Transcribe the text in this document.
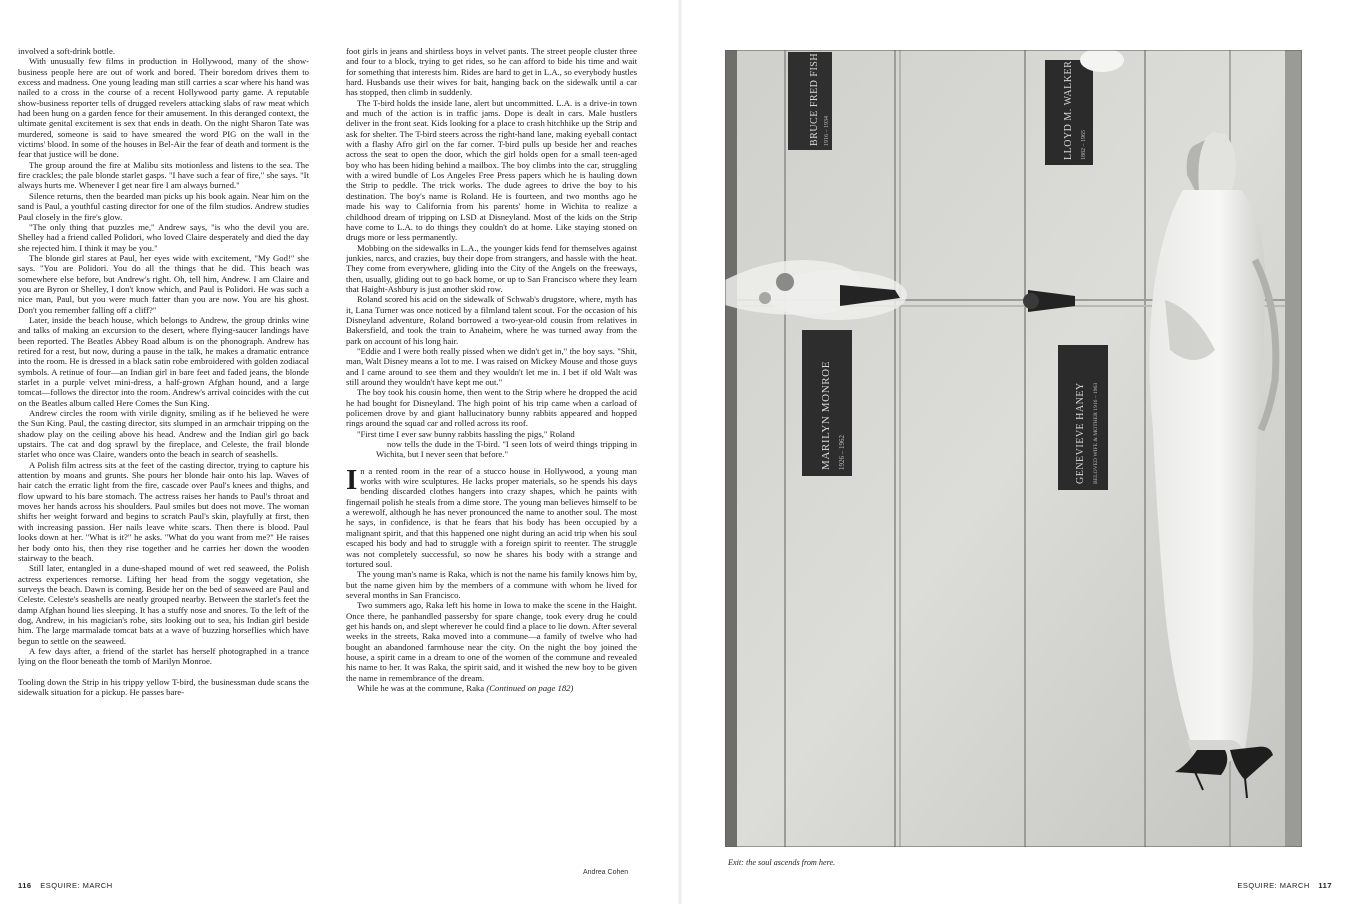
involved a soft-drink bottle.

With unusually few films in production in Hollywood, many of the show-business people here are out of work and bored. Their boredom drives them to excess and madness. One young leading man still carries a scar where his hand was nailed to a cross in the course of a recent Hollywood party game. A reputable show-business reporter tells of drugged revelers attacking slabs of raw meat which had been hung on a garden fence for their amusement. In this deranged context, the ultimate genital excitement is sex that ends in death. On the night Sharon Tate was murdered, someone is said to have smeared the word PIG on the wall in the victims' blood. In some of the houses in Bel-Air the fear of death and torment is the fear that justice will be done.

The group around the fire at Malibu sits motionless and listens to the sea. The fire crackles; the pale blonde starlet gasps. "I have such a fear of fire," she says. "It always hurts me. Whenever I get near fire I am always burned."

Silence returns, then the bearded man picks up his book again. Near him on the sand is Paul, a youthful casting director for one of the film studios. Andrew studies Paul closely in the fire's glow.

"The only thing that puzzles me," Andrew says, "is who the devil you are. Shelley had a friend called Polidori, who loved Claire desperately and died the day she rejected him. I think it may be you."

The blonde girl stares at Paul, her eyes wide with excitement, "My God!" she says. "You are Polidori. You do all the things that he did. This beach was somewhere else before, but Andrew's right. Oh, tell him, Andrew. I am Claire and you are Byron or Shelley, I don't know which, and Paul is Polidori. He was such a nice man, Paul, but you were much fatter than you are now. You are his ghost. Don't you remember falling off a cliff?"

Later, inside the beach house, which belongs to Andrew, the group drinks wine and talks of making an excursion to the desert, where flying-saucer landings have been reported. The Beatles Abbey Road album is on the phonograph. Andrew has retired for a rest, but now, during a pause in the talk, he makes a dramatic entrance into the room. He is dressed in a black satin robe embroidered with golden zodiacal symbols. A retinue of four—an Indian girl in bare feet and faded jeans, the blonde starlet in a purple velvet mini-dress, a half-grown Afghan hound, and a large tomcat—follows the director into the room. Andrew's arrival coincides with the cut on the Beatles album called Here Comes the Sun King.

Andrew circles the room with virile dignity, smiling as if he believed he were the Sun King. Paul, the casting director, sits slumped in an armchair tripping on the shadow play on the ceiling above his head. Andrew and the Indian girl go back upstairs. The cat and dog sprawl by the fireplace, and Celeste, the frail blonde starlet who once was Claire, wanders onto the beach in search of seashells.

A Polish film actress sits at the feet of the casting director, trying to capture his attention by moans and grunts. She pours her blonde hair onto his lap. Waves of hair catch the erratic light from the fire, cascade over Paul's knees and thighs, and flow upward to his bare stomach. The actress raises her hands to Paul's throat and moves her hands across his shoulders. Paul smiles but does not move. The woman shifts her weight forward and begins to scratch Paul's skin, playfully at first, then with increasing passion. Her nails leave white scars. Then there is blood. Paul looks down at her. "What is it?" he asks. "What do you want from me?" He raises her body onto his, then they rise together and he carries her down the wooden stairway to the beach.

Still later, entangled in a dune-shaped mound of wet red seaweed, the Polish actress experiences remorse. Lifting her head from the soggy vegetation, she surveys the beach. Dawn is coming. Beside her on the bed of seaweed are Paul and Celeste. Celeste's seashells are neatly grouped nearby. Between the starlet's feet the damp Afghan hound lies sleeping. It has a stuffy nose and snores. To the left of the dog, Andrew, in his magician's robe, sits looking out to sea, his Indian girl beside him. The large marmalade tomcat bats at a wave of buzzing horseflies which have begun to settle on the seaweed.

A few days after, a friend of the starlet has herself photographed in a trance lying on the floor beneath the tomb of Marilyn Monroe.

Tooling down the Strip in his trippy yellow T-bird, the businessman dude scans the sidewalk situation for a pickup. He passes bare-

foot girls in jeans and shirtless boys in velvet pants. The street people cluster three and four to a block, trying to get rides, so he can afford to bide his time and wait for something that interests him. Rides are hard to get in L.A., so everybody hustles hard. Husbands use their wives for bait, hanging back on the sidewalk until a car has stopped, then climb in suddenly.

The T-bird holds the inside lane, alert but uncommitted. L.A. is a drive-in town and much of the action is in traffic jams. Dope is dealt in cars. Male hustlers deliver in the front seat. Kids looking for a place to crash hitchhike up the Strip and ask for shelter. The T-bird steers across the right-hand lane, making eyeball contact with a flashy Afro girl on the far corner. T-bird pulls up beside her and reaches across the seat to open the door, which the girl holds open for a small teen-aged boy who has been hiding behind a mailbox. The boy climbs into the car, struggling with a wired bundle of Los Angeles Free Press papers which he is hauling down the Strip to peddle. The trick works. The dude agrees to drive the boy to his destination. The boy's name is Roland. He is fourteen, and two months ago he made his way to California from his parents' home in Wichita to realize a childhood dream of tripping on LSD at Disneyland. Most of the kids on the Strip have come to L.A. to do things they couldn't do at home. Like staying stoned on drugs more or less permanently.

Mobbing on the sidewalks in L.A., the younger kids fend for themselves against junkies, narcs, and crazies, buy their dope from strangers, and hassle with the heat. They come from everywhere, gliding into the City of the Angels on the freeways, then, usually, gliding out to go back home, or up to San Francisco where they learn that Haight-Ashbury is just another skid row.

Roland scored his acid on the sidewalk of Schwab's drugstore, where, myth has it, Lana Turner was once noticed by a filmland talent scout. For the occasion of his Disneyland adventure, Roland borrowed a two-year-old cousin from relatives in Bakersfield, and took the train to Anaheim, where he was turned away from the park on account of his long hair.

"Eddie and I were both really pissed when we didn't get in," the boy says. "Shit, man, Walt Disney means a lot to me. I was raised on Mickey Mouse and those guys and I came around to see them and they wouldn't let me in. I bet if old Walt was still around they wouldn't have kept me out."

The boy took his cousin home, then went to the Strip where he dropped the acid he had bought for Disneyland. The high point of his trip came when a carload of policemen drove by and giant hallucinatory bunny rabbits appeared and hopped rings around the squad car and rolled across its roof.

"First time I ever saw bunny rabbits hassling the pigs," Roland

now tells the dude in the T-bird. "I seen lots of weird things tripping in Wichita, but I never seen that before."

In a rented room in the rear of a stucco house in Hollywood, a young man works with wire sculptures. He lacks proper materials, so he spends his days bending discarded clothes hangers into crazy shapes, which he paints with fingernail polish he steals from a dime store. The young man believes himself to be a werewolf, although he has never pronounced the name to another soul. The most he says, in confidence, is that he fears that his body has been occupied by a malignant spirit, and that this happened one night during an acid trip when his soul escaped his body and had to struggle with a foreign spirit to reenter. The struggle was not completely successful, so now he shares his body with a strange and tortured soul.

The young man's name is Raka, which is not the name his family knows him by, but the name given him by the members of a commune with whom he lived for several months in San Francisco.

Two summers ago, Raka left his home in Iowa to make the scene in the Haight. Once there, he panhandled passersby for spare change, took every drug he could get his hands on, and slept wherever he could find a place to lie down. After several weeks in the streets, Raka moved into a commune—a family of twelve who had bought an abandoned farmhouse near the city. On the night the boy joined the house, a spirit came in a dream to one of the women of the commune and revealed his name to her. It was Raka, the spirit said, and it wished the new boy to be given the name in remembrance of the dream.

While he was at the commune, Raka (Continued on page 182)

116 ESQUIRE: MARCH
Andrea Cohen
BRUCE FRED FISH 1916 – 1934	LLOYD M. WALKER 1882 – 1965
MARILYN MONROE 1926 – 1962	GENEVIEVE HANEY BELOVED WIFE & MOTHER 1916 – 1963
Exit: the soul ascends from here.
ESQUIRE: MARCH 117
